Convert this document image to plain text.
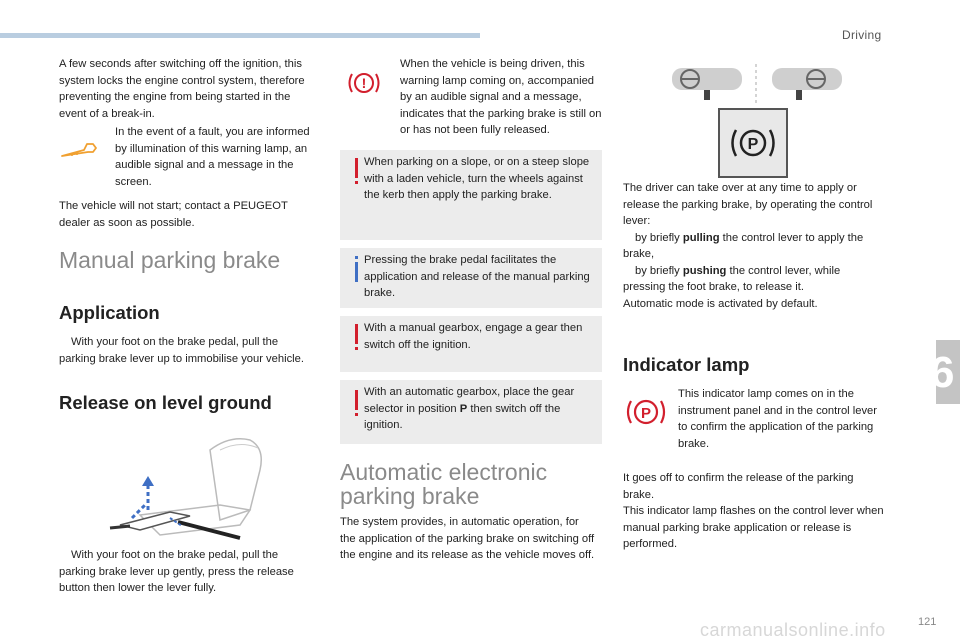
Driving
6

A few seconds after switching off the ignition, this system locks the engine control system, therefore preventing the engine from being started in the event of a break-in.

In the event of a fault, you are informed by illumination of this warning lamp, an audible signal and a message in the screen.

The vehicle will not start; contact a PEUGEOT dealer as soon as possible.

Manual parking brake
Application

With your foot on the brake pedal, pull the parking brake lever up to immobilise your vehicle.

Release on level ground

With your foot on the brake pedal, pull the parking brake lever up gently, press the release button then lower the lever fully.

!

When the vehicle is being driven, this warning lamp coming on, accompanied by an audible signal and a message, indicates that the parking brake is still on or has not been fully released.

When parking on a slope, or on a steep slope with a laden vehicle, turn the wheels against the kerb then apply the parking brake.

Pressing the brake pedal facilitates the application and release of the manual parking brake.

With a manual gearbox, engage a gear then switch off the ignition.

With an automatic gearbox, place the gear selector in position P then switch off the ignition.

Automatic electronic
parking brake

The system provides, in automatic operation, for the application of the parking brake on switching off the engine and its release as the vehicle moves off.

P

The driver can take over at any time to apply or release the parking brake, by operating the control lever:
by briefly pulling the control lever to apply the brake,
by briefly pushing the control lever, while pressing the foot brake, to release it.
Automatic mode is activated by default.

Indicator lamp
P

This indicator lamp comes on in the instrument panel and in the control lever to confirm the application of the parking brake.

It goes off to confirm the release of the parking brake.
This indicator lamp flashes on the control lever when manual parking brake application or release is performed.

carmanualsonline.info	121
